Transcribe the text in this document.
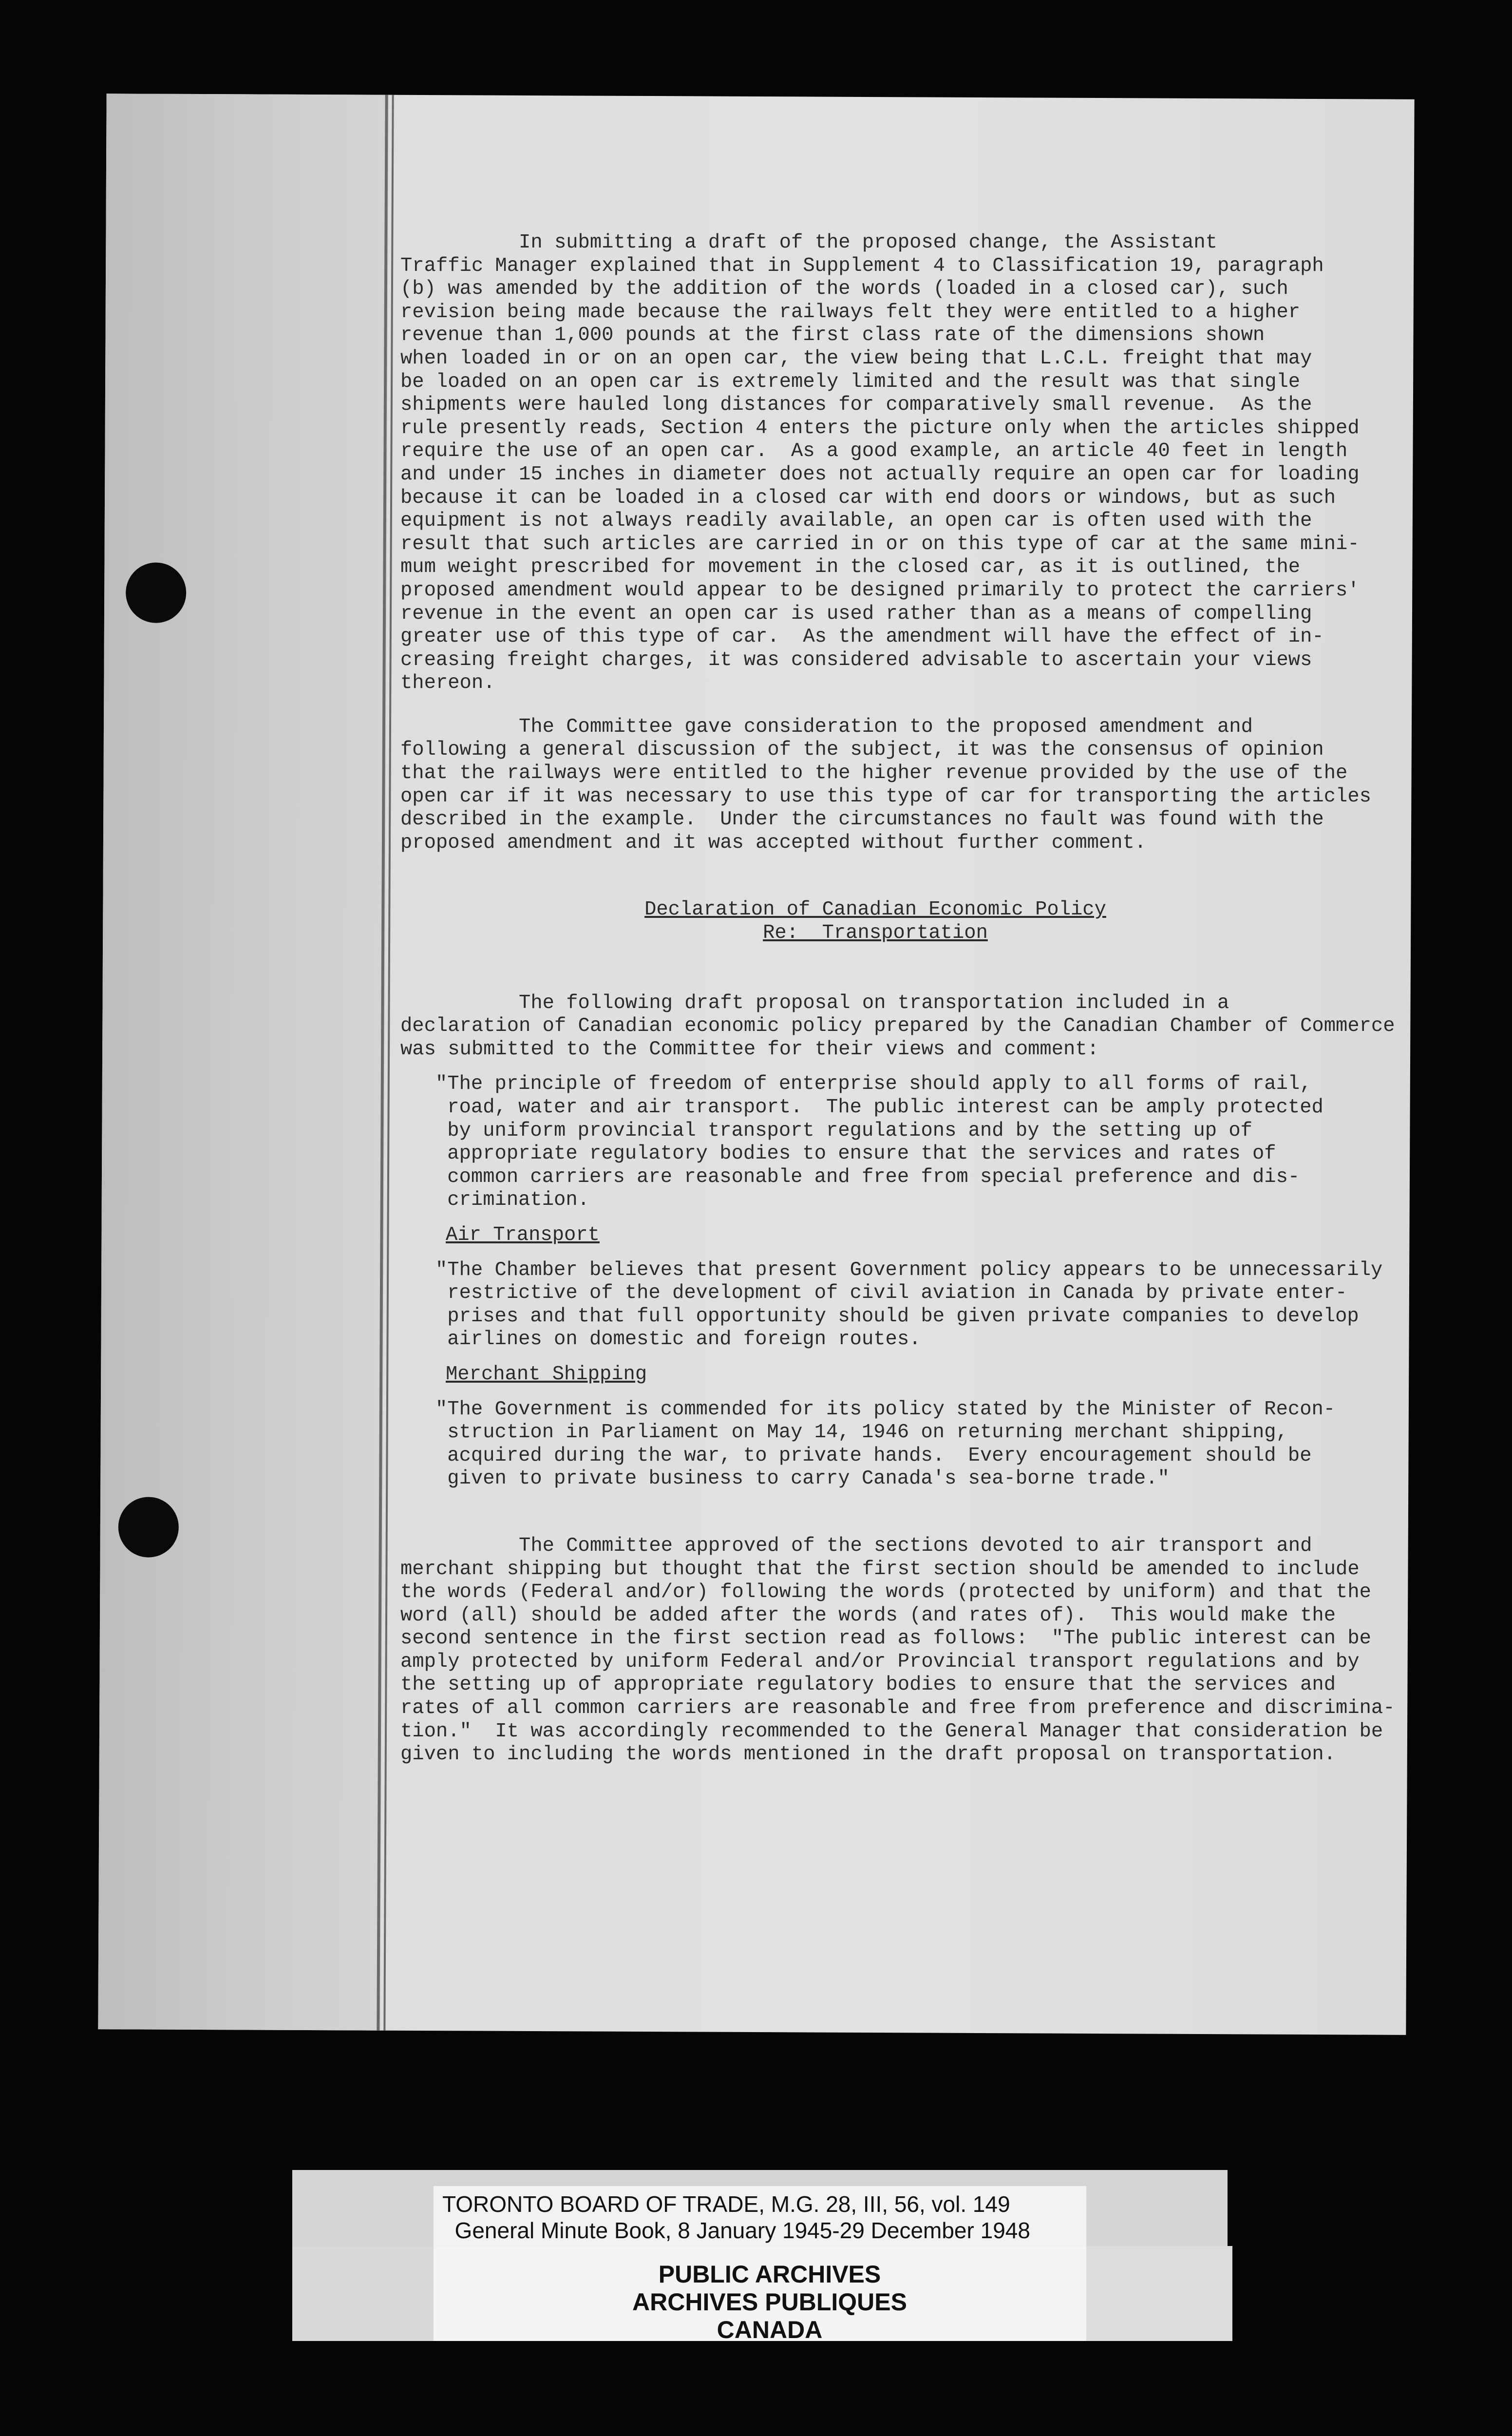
In submitting a draft of the proposed change, the Assistant
Traffic Manager explained that in Supplement 4 to Classification 19, paragraph
(b) was amended by the addition of the words (loaded in a closed car), such
revision being made because the railways felt they were entitled to a higher
revenue than 1,000 pounds at the first class rate of the dimensions shown
when loaded in or on an open car, the view being that L.C.L. freight that may
be loaded on an open car is extremely limited and the result was that single
shipments were hauled long distances for comparatively small revenue.  As the
rule presently reads, Section 4 enters the picture only when the articles shipped
require the use of an open car.  As a good example, an article 40 feet in length
and under 15 inches in diameter does not actually require an open car for loading
because it can be loaded in a closed car with end doors or windows, but as such
equipment is not always readily available, an open car is often used with the
result that such articles are carried in or on this type of car at the same mini-
mum weight prescribed for movement in the closed car, as it is outlined, the
proposed amendment would appear to be designed primarily to protect the carriers'
revenue in the event an open car is used rather than as a means of compelling
greater use of this type of car.  As the amendment will have the effect of in-
creasing freight charges, it was considered advisable to ascertain your views
thereon.
The Committee gave consideration to the proposed amendment and
following a general discussion of the subject, it was the consensus of opinion
that the railways were entitled to the higher revenue provided by the use of the
open car if it was necessary to use this type of car for transporting the articles
described in the example.  Under the circumstances no fault was found with the
proposed amendment and it was accepted without further comment.
Declaration of Canadian Economic Policy
Re:  Transportation
The following draft proposal on transportation included in a
declaration of Canadian economic policy prepared by the Canadian Chamber of Commerce
was submitted to the Committee for their views and comment:
"The principle of freedom of enterprise should apply to all forms of rail,
road, water and air transport.  The public interest can be amply protected
by uniform provincial transport regulations and by the setting up of
appropriate regulatory bodies to ensure that the services and rates of
common carriers are reasonable and free from special preference and dis-
crimination.
Air Transport
"The Chamber believes that present Government policy appears to be unnecessarily
restrictive of the development of civil aviation in Canada by private enter-
prises and that full opportunity should be given private companies to develop
airlines on domestic and foreign routes.
Merchant Shipping
"The Government is commended for its policy stated by the Minister of Recon-
struction in Parliament on May 14, 1946 on returning merchant shipping,
acquired during the war, to private hands.  Every encouragement should be
given to private business to carry Canada's sea-borne trade."
The Committee approved of the sections devoted to air transport and
merchant shipping but thought that the first section should be amended to include
the words (Federal and/or) following the words (protected by uniform) and that the
word (all) should be added after the words (and rates of).  This would make the
second sentence in the first section read as follows:  "The public interest can be
amply protected by uniform Federal and/or Provincial transport regulations and by
the setting up of appropriate regulatory bodies to ensure that the services and
rates of all common carriers are reasonable and free from preference and discrimina-
tion."  It was accordingly recommended to the General Manager that consideration be
given to including the words mentioned in the draft proposal on transportation.
TORONTO BOARD OF TRADE, M.G. 28, III, 56, vol. 149
General Minute Book, 8 January 1945-29 December 1948
PUBLIC ARCHIVES
ARCHIVES PUBLIQUES
CANADA
